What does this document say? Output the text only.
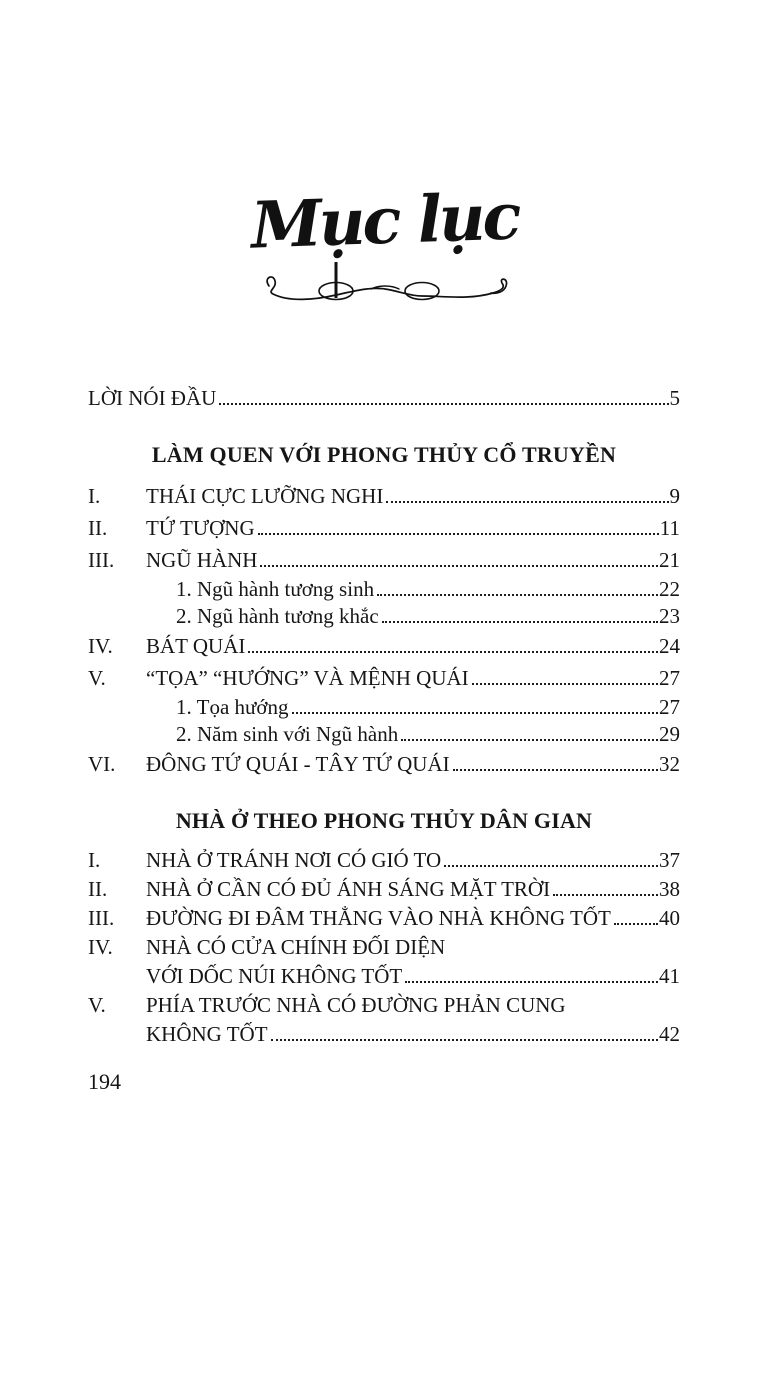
Mục lục
LỜI NÓI ĐẦU	5
LÀM QUEN VỚI PHONG THỦY CỔ TRUYỀN
I.	THÁI CỰC LƯỠNG NGHI	9
II.	TỨ TƯỢNG	11
III.	NGŨ HÀNH	21
1. Ngũ hành tương sinh	22
2. Ngũ hành tương khắc	23
IV.	BÁT QUÁI	24
V.	“TỌA” “HƯỚNG” VÀ MỆNH QUÁI	27
1. Tọa hướng	27
2. Năm sinh với Ngũ hành	29
VI.	ĐÔNG TỨ QUÁI - TÂY TỨ QUÁI	32
NHÀ Ở THEO PHONG THỦY DÂN GIAN
I.	NHÀ Ở TRÁNH NƠI CÓ GIÓ TO	37
II.	NHÀ Ở CẦN CÓ ĐỦ ÁNH SÁNG MẶT TRỜI	38
III.	ĐƯỜNG ĐI ĐÂM THẲNG VÀO NHÀ KHÔNG TỐT 40
IV.	NHÀ CÓ CỬA CHÍNH ĐỐI DIỆN
VỚI DỐC NÚI KHÔNG TỐT	41
V.	PHÍA TRƯỚC NHÀ CÓ ĐƯỜNG PHẢN CUNG
KHÔNG TỐT	42
194
